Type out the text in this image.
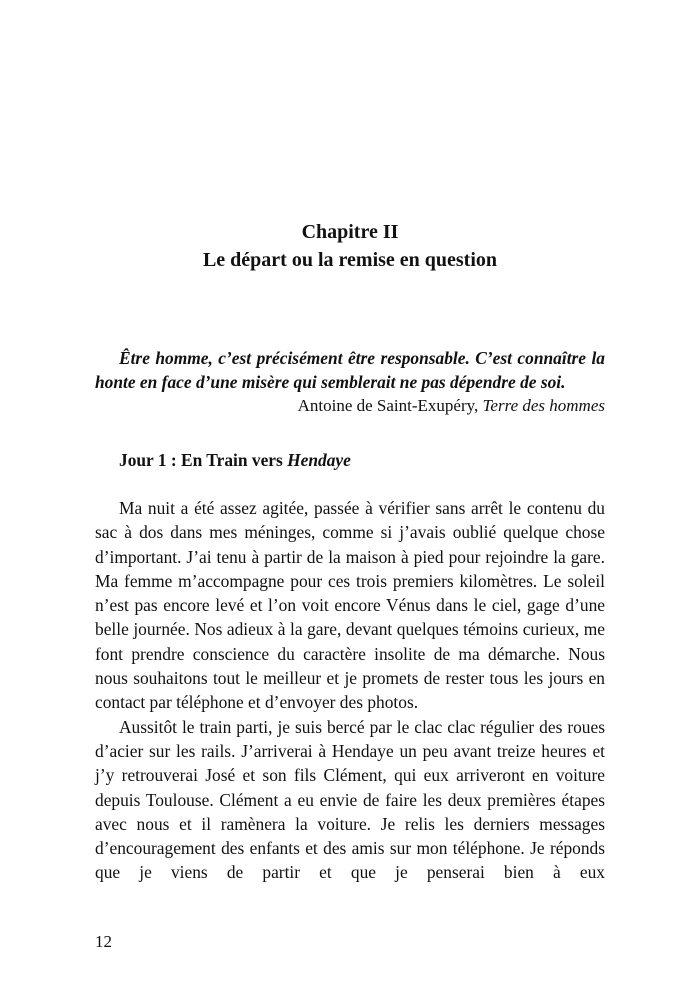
Chapitre II
Le départ ou la remise en question

Être homme, c’est précisément être responsable. C’est connaître la honte en face d’une misère qui semblerait ne pas dépendre de soi.

Antoine de Saint-Exupéry, Terre des hommes

Jour 1 : En Train vers Hendaye

Ma nuit a été assez agitée, passée à vérifier sans arrêt le contenu du sac à dos dans mes méninges, comme si j’avais oublié quelque chose d’important. J’ai tenu à partir de la maison à pied pour rejoindre la gare. Ma femme m’accompagne pour ces trois premiers kilomètres. Le soleil n’est pas encore levé et l’on voit encore Vénus dans le ciel, gage d’une belle journée. Nos adieux à la gare, devant quelques témoins curieux, me font prendre conscience du caractère insolite de ma démarche. Nous nous souhaitons tout le meilleur et je promets de rester tous les jours en contact par téléphone et d’envoyer des photos.

Aussitôt le train parti, je suis bercé par le clac clac régulier des roues d’acier sur les rails. J’arriverai à Hendaye un peu avant treize heures et j’y retrouverai José et son fils Clément, qui eux arriveront en voiture depuis Toulouse. Clément a eu envie de faire les deux premières étapes avec nous et il ramènera la voiture. Je relis les derniers messages d’encouragement des enfants et des amis sur mon téléphone. Je réponds que je viens de partir et que je penserai bien à eux

12
